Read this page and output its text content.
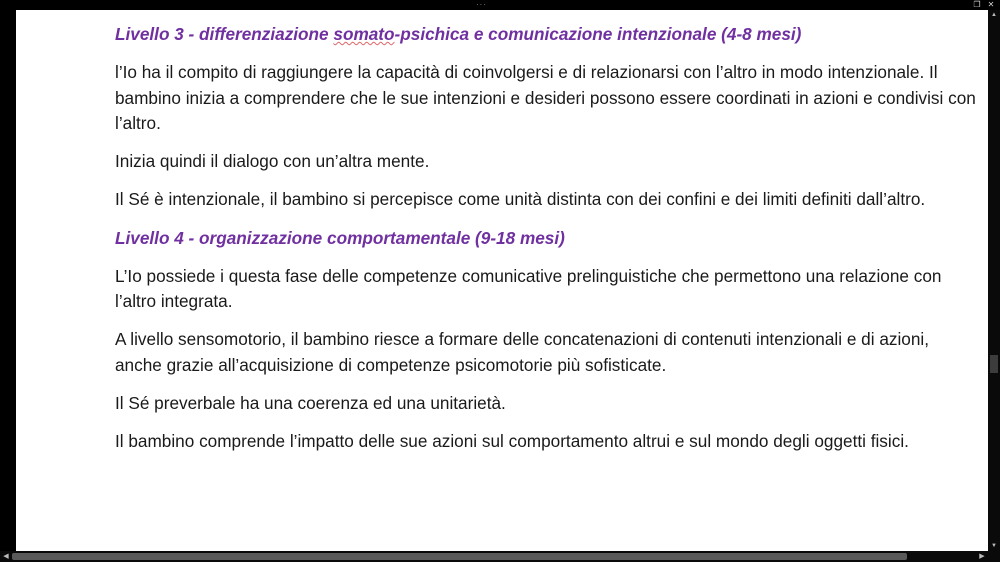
···	❐ ✕

Livello 3 - differenziazione somato-psichica e comunicazione intenzionale (4-8 mesi)

l’Io ha il compito di raggiungere la capacità di coinvolgersi e di relazionarsi con l’altro in modo intenzionale. Il bambino inizia a comprendere che le sue intenzioni e desideri possono essere coordinati in azioni e condivisi con l’altro.

Inizia quindi il dialogo con un’altra mente.

Il Sé è intenzionale, il bambino si percepisce come unità distinta con dei confini e dei limiti definiti dall’altro.

Livello 4 - organizzazione comportamentale (9-18 mesi)

L’Io possiede i questa fase delle competenze comunicative prelinguistiche che permettono una relazione con l’altro integrata.

A livello sensomotorio, il bambino riesce a formare delle concatenazioni di contenuti intenzionali e di azioni, anche grazie all’acquisizione di competenze psicomotorie più sofisticate.

Il Sé preverbale ha una coerenza ed una unitarietà.

Il bambino comprende l’impatto delle sue azioni sul comportamento altrui e sul mondo degli oggetti fisici.

▲
▼
◀	▶
